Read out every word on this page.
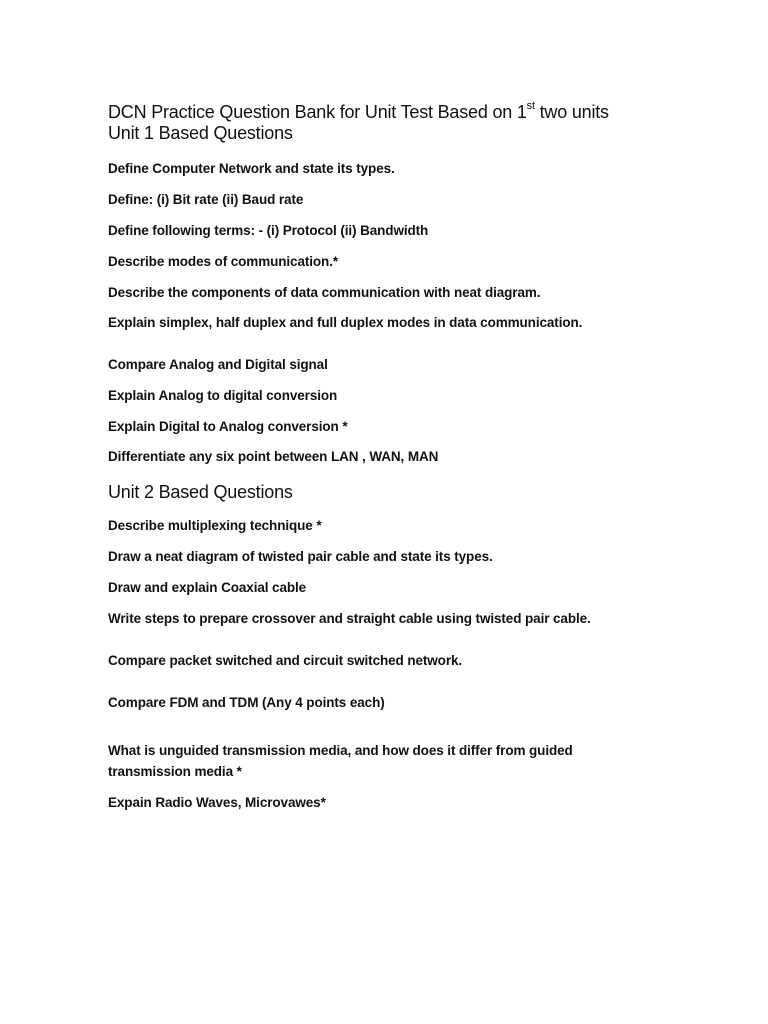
DCN Practice Question Bank for Unit Test Based on 1st two units
Unit 1 Based Questions

Define Computer Network and state its types.

Define: (i) Bit rate (ii) Baud rate

Define following terms: - (i) Protocol (ii) Bandwidth

Describe modes of communication.*

Describe the components of data communication with neat diagram.

Explain simplex, half duplex and full duplex modes in data communication.

Compare Analog and Digital signal

Explain Analog to digital conversion

Explain Digital to Analog conversion *

Differentiate any six point between LAN , WAN, MAN

Unit 2 Based Questions

Describe multiplexing technique *

Draw a neat diagram of twisted pair cable and state its types.

Draw and explain Coaxial cable

Write steps to prepare crossover and straight cable using twisted pair cable.

Compare packet switched and circuit switched network.

Compare FDM and TDM (Any 4 points each)

What is unguided transmission media, and how does it differ from guided transmission media *

Expain Radio Waves, Microvawes*
